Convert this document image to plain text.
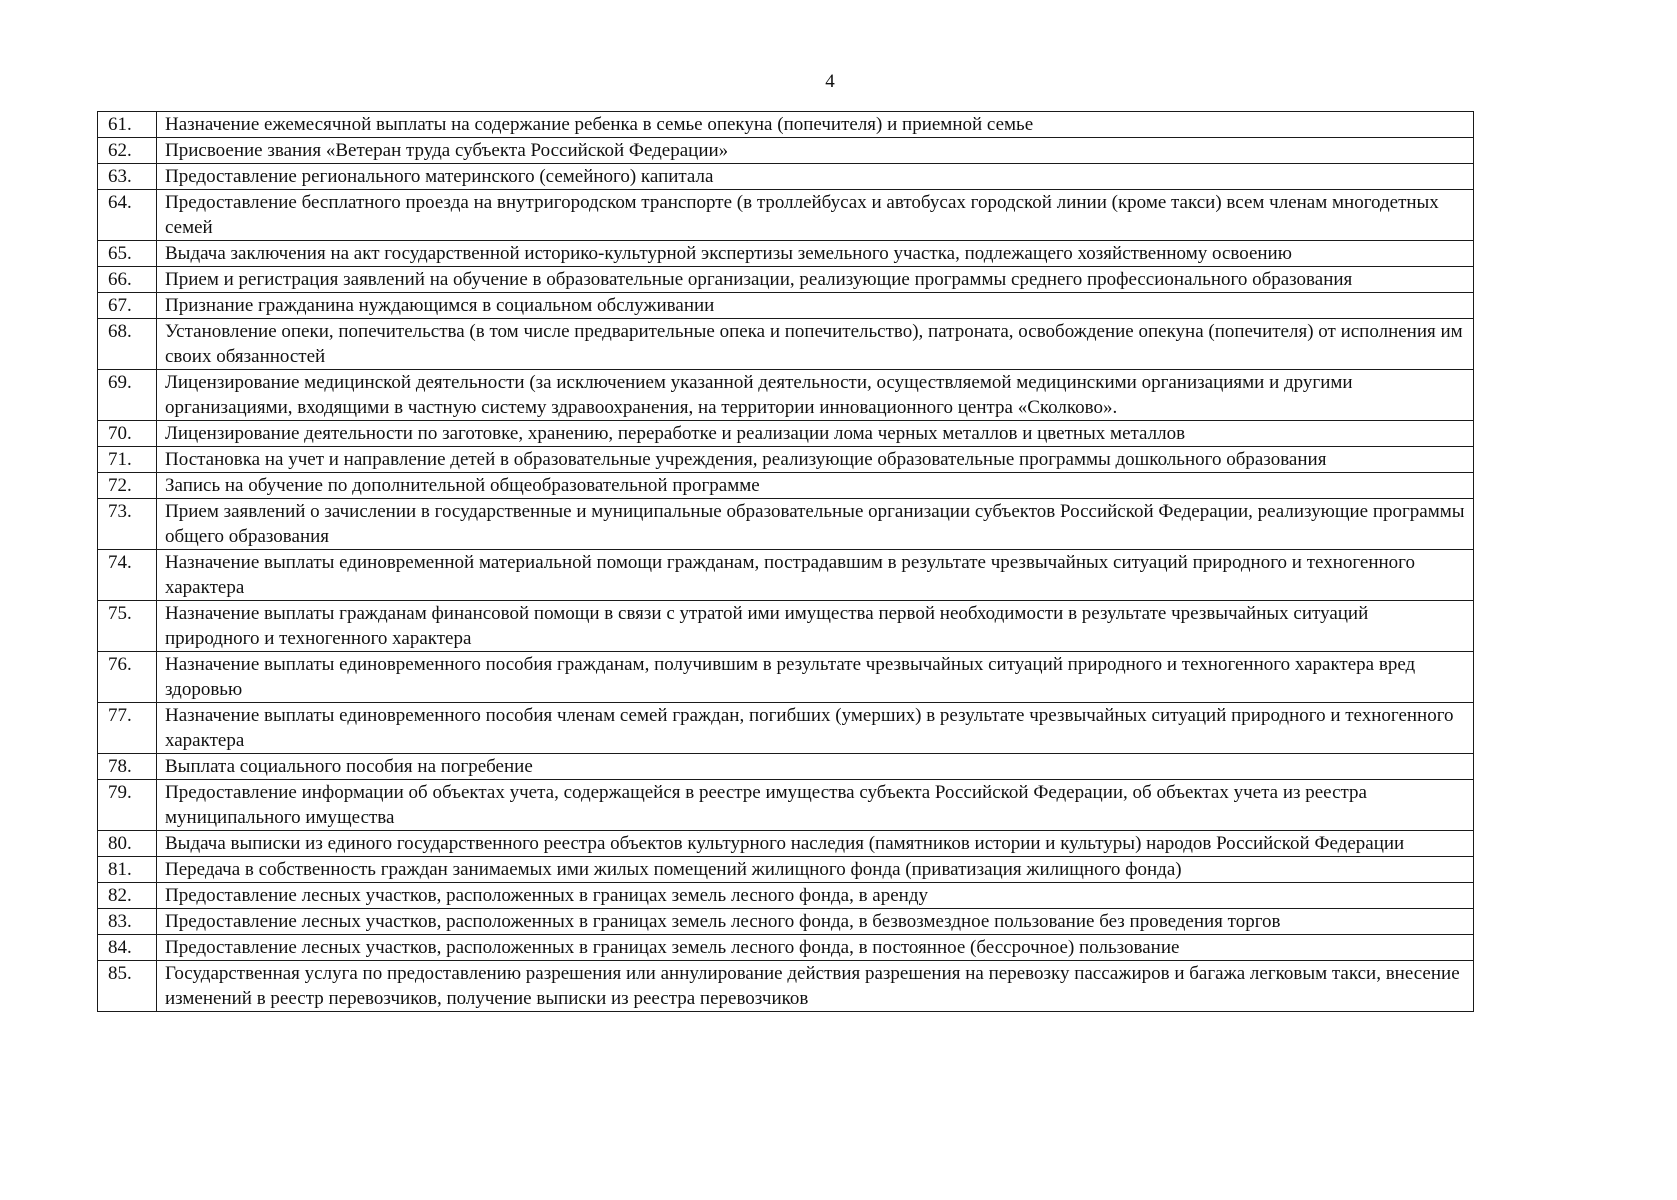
4
61.	Назначение ежемесячной выплаты на содержание ребенка в семье опекуна (попечителя) и приемной семье
62.	Присвоение звания «Ветеран труда субъекта Российской Федерации»
63.	Предоставление регионального материнского (семейного) капитала
64.	Предоставление бесплатного проезда на внутригородском транспорте (в троллейбусах и автобусах городской линии (кроме такси) всем членам многодетных семей
65.	Выдача заключения на акт государственной историко-культурной экспертизы земельного участка, подлежащего хозяйственному освоению
66.	Прием и регистрация заявлений на обучение в образовательные организации, реализующие программы среднего профессионального образования
67.	Признание гражданина нуждающимся в социальном обслуживании
68.	Установление опеки, попечительства (в том числе предварительные опека и попечительство), патроната, освобождение опекуна (попечителя) от исполнения им своих обязанностей
69.	Лицензирование медицинской деятельности (за исключением указанной деятельности, осуществляемой медицинскими организациями и другими организациями, входящими в частную систему здравоохранения, на территории инновационного центра «Сколково».
70.	Лицензирование деятельности по заготовке, хранению, переработке и реализации лома черных металлов и цветных металлов
71.	Постановка на учет и направление детей в образовательные учреждения, реализующие образовательные программы дошкольного образования
72.	Запись на обучение по дополнительной общеобразовательной программе
73.	Прием заявлений о зачислении в государственные и муниципальные образовательные организации субъектов Российской Федерации, реализующие программы общего образования
74.	Назначение выплаты единовременной материальной помощи гражданам, пострадавшим в результате чрезвычайных ситуаций природного и техногенного характера
75.	Назначение выплаты гражданам финансовой помощи в связи с утратой ими имущества первой необходимости в результате чрезвычайных ситуаций природного и техногенного характера
76.	Назначение выплаты единовременного пособия гражданам, получившим в результате чрезвычайных ситуаций природного и техногенного характера вред здоровью
77.	Назначение выплаты единовременного пособия членам семей граждан, погибших (умерших) в результате чрезвычайных ситуаций природного и техногенного характера
78.	Выплата социального пособия на погребение
79.	Предоставление информации об объектах учета, содержащейся в реестре имущества субъекта Российской Федерации, об объектах учета из реестра муниципального имущества
80.	Выдача выписки из единого государственного реестра объектов культурного наследия (памятников истории и культуры) народов Российской Федерации
81.	Передача в собственность граждан занимаемых ими жилых помещений жилищного фонда (приватизация жилищного фонда)
82.	Предоставление лесных участков, расположенных в границах земель лесного фонда, в аренду
83.	Предоставление лесных участков, расположенных в границах земель лесного фонда, в безвозмездное пользование без проведения торгов
84.	Предоставление лесных участков, расположенных в границах земель лесного фонда, в постоянное (бессрочное) пользование
85.	Государственная услуга по предоставлению разрешения или аннулирование действия разрешения на перевозку пассажиров и багажа легковым такси, внесение изменений в реестр перевозчиков, получение выписки из реестра перевозчиков
